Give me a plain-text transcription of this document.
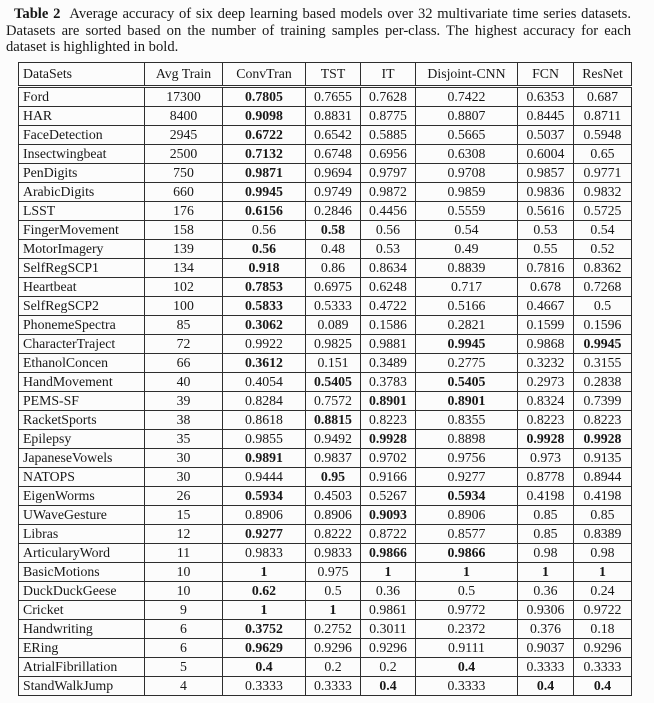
Table 2 Average accuracy of six deep learning based models over 32 multivariate time series datasets. Datasets are sorted based on the number of training samples per-class. The highest accuracy for each dataset is highlighted in bold.

DataSets	Avg Train	ConvTran	TST	IT	Disjoint-CNN	FCN	ResNet
Ford	17300	0.7805	0.7655	0.7628	0.7422	0.6353	0.687
HAR	8400	0.9098	0.8831	0.8775	0.8807	0.8445	0.8711
FaceDetection	2945	0.6722	0.6542	0.5885	0.5665	0.5037	0.5948
Insectwingbeat	2500	0.7132	0.6748	0.6956	0.6308	0.6004	0.65
PenDigits	750	0.9871	0.9694	0.9797	0.9708	0.9857	0.9771
ArabicDigits	660	0.9945	0.9749	0.9872	0.9859	0.9836	0.9832
LSST	176	0.6156	0.2846	0.4456	0.5559	0.5616	0.5725
FingerMovement	158	0.56	0.58	0.56	0.54	0.53	0.54
MotorImagery	139	0.56	0.48	0.53	0.49	0.55	0.52
SelfRegSCP1	134	0.918	0.86	0.8634	0.8839	0.7816	0.8362
Heartbeat	102	0.7853	0.6975	0.6248	0.717	0.678	0.7268
SelfRegSCP2	100	0.5833	0.5333	0.4722	0.5166	0.4667	0.5
PhonemeSpectra	85	0.3062	0.089	0.1586	0.2821	0.1599	0.1596
CharacterTraject	72	0.9922	0.9825	0.9881	0.9945	0.9868	0.9945
EthanolConcen	66	0.3612	0.151	0.3489	0.2775	0.3232	0.3155
HandMovement	40	0.4054	0.5405	0.3783	0.5405	0.2973	0.2838
PEMS-SF	39	0.8284	0.7572	0.8901	0.8901	0.8324	0.7399
RacketSports	38	0.8618	0.8815	0.8223	0.8355	0.8223	0.8223
Epilepsy	35	0.9855	0.9492	0.9928	0.8898	0.9928	0.9928
JapaneseVowels	30	0.9891	0.9837	0.9702	0.9756	0.973	0.9135
NATOPS	30	0.9444	0.95	0.9166	0.9277	0.8778	0.8944
EigenWorms	26	0.5934	0.4503	0.5267	0.5934	0.4198	0.4198
UWaveGesture	15	0.8906	0.8906	0.9093	0.8906	0.85	0.85
Libras	12	0.9277	0.8222	0.8722	0.8577	0.85	0.8389
ArticularyWord	11	0.9833	0.9833	0.9866	0.9866	0.98	0.98
BasicMotions	10	1	0.975	1	1	1	1
DuckDuckGeese	10	0.62	0.5	0.36	0.5	0.36	0.24
Cricket	9	1	1	0.9861	0.9772	0.9306	0.9722
Handwriting	6	0.3752	0.2752	0.3011	0.2372	0.376	0.18
ERing	6	0.9629	0.9296	0.9296	0.9111	0.9037	0.9296
AtrialFibrillation	5	0.4	0.2	0.2	0.4	0.3333	0.3333
StandWalkJump	4	0.3333	0.3333	0.4	0.3333	0.4	0.4
